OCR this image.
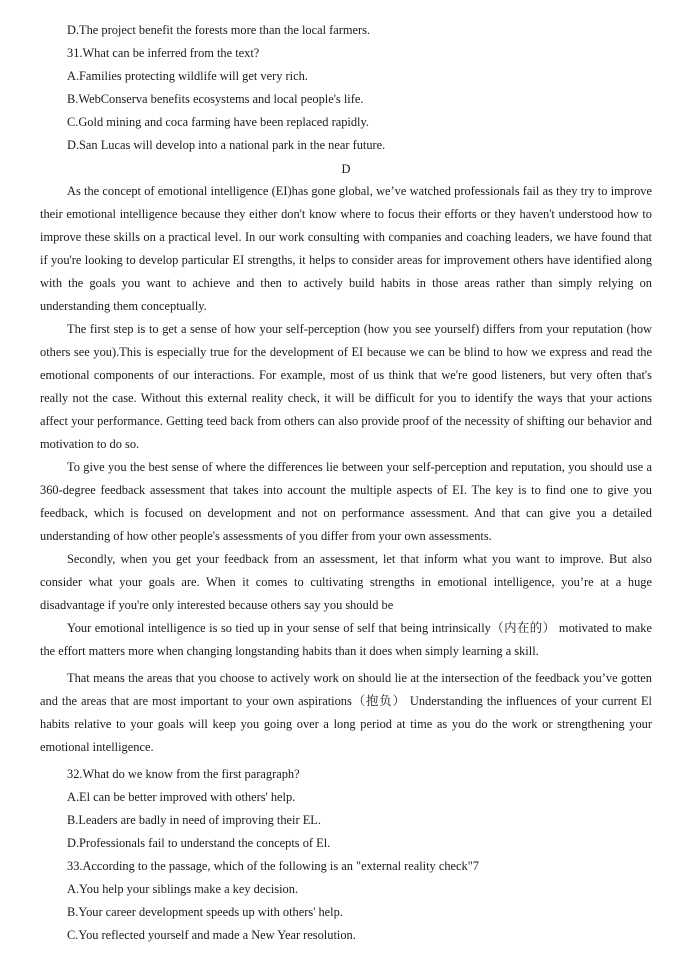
D.The project benefit the forests more than the local farmers.
31.What can be inferred from the text?
A.Families protecting wildlife will get very rich.
B.WebConserva benefits ecosystems and local people's life.
C.Gold mining and coca farming have been replaced rapidly.
D.San Lucas will develop into a national park in the near future.
D

As the concept of emotional intelligence (EI)has gone global, we’ve watched professionals fail as they try to improve their emotional intelligence because they either don't know where to focus their efforts or they haven't understood how to improve these skills on a practical level. In our work consulting with companies and coaching leaders, we have found that if you're looking to develop particular EI strengths, it helps to consider areas for improvement others have identified along with the goals you want to achieve and then to actively build habits in those areas rather than simply relying on understanding them conceptually.

The first step is to get a sense of how your self-perception (how you see yourself) differs from your reputation (how others see you).This is especially true for the development of EI because we can be blind to how we express and read the emotional components of our interactions. For example, most of us think that we're good listeners, but very often that's really not the case. Without this external reality check, it will be difficult for you to identify the ways that your actions affect your performance. Getting teed back from others can also provide proof of the necessity of shifting our behavior and motivation to do so.

To give you the best sense of where the differences lie between your self-perception and reputation, you should use a 360-degree feedback assessment that takes into account the multiple aspects of EI. The key is to find one to give you feedback, which is focused on development and not on performance assessment. And that can give you a detailed understanding of how other people's assessments of you differ from your own assessments.

Secondly, when you get your feedback from an assessment, let that inform what you want to improve. But also consider what your goals are. When it comes to cultivating strengths in emotional intelligence, you’re at a huge disadvantage if you're only interested because others say you should be

Your emotional intelligence is so tied up in your sense of self that being intrinsically（内在的） motivated to make the effort matters more when changing longstanding habits than it does when simply learning a skill.

That means the areas that you choose to actively work on should lie at the intersection of the feedback you’ve gotten and the areas that are most important to your own aspirations（抱负） Understanding the influences of your current El habits relative to your goals will keep you going over a long period at time as you do the work or strengthening your emotional intelligence.

32.What do we know from the first paragraph?
A.El can be better improved with others' help.
B.Leaders are badly in need of improving their EL.
D.Professionals fail to understand the concepts of El.
33.According to the passage, which of the following is an "external reality check"7
A.You help your siblings make a key decision.
B.Your career development speeds up with others' help.
C.You reflected yourself and made a New Year resolution.
